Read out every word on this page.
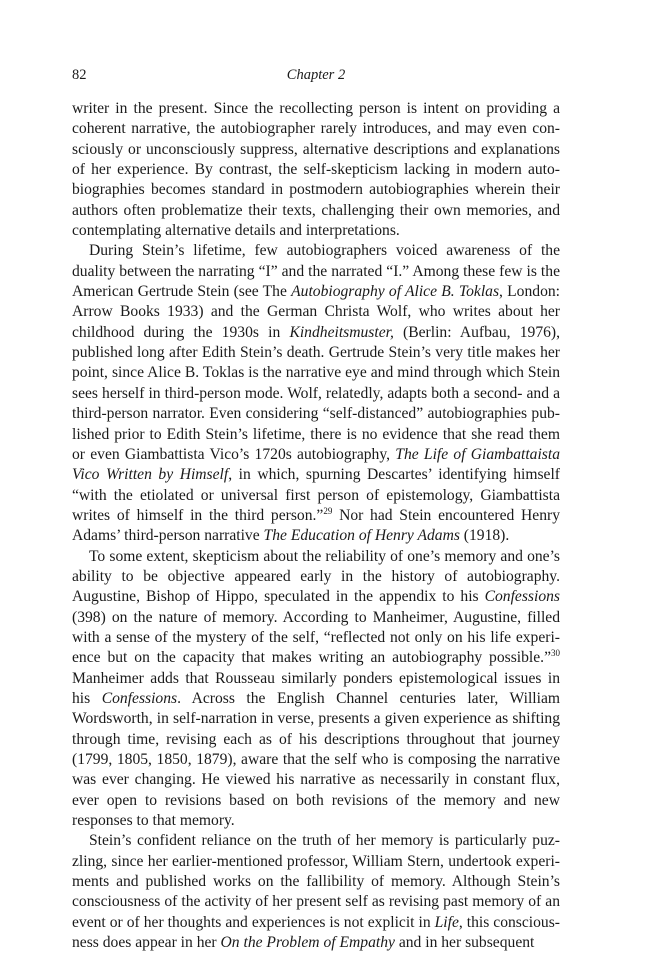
82	Chapter 2

writer in the present. Since the recollecting person is intent on providing a coherent narrative, the autobiographer rarely introduces, and may even consciously or unconsciously suppress, alternative descriptions and explanations of her experience. By contrast, the self-skepticism lacking in modern autobiographies becomes standard in postmodern autobiographies wherein their authors often problematize their texts, challenging their own memories, and contemplating alternative details and interpretations.

During Stein’s lifetime, few autobiographers voiced awareness of the duality between the narrating “I” and the narrated “I.” Among these few is the American Gertrude Stein (see The Autobiography of Alice B. Toklas, London: Arrow Books 1933) and the German Christa Wolf, who writes about her childhood during the 1930s in Kindheitsmuster, (Berlin: Aufbau, 1976), published long after Edith Stein’s death. Gertrude Stein’s very title makes her point, since Alice B. Toklas is the narrative eye and mind through which Stein sees herself in third-person mode. Wolf, relatedly, adapts both a second- and a third-person narrator. Even considering “self-distanced” autobiographies published prior to Edith Stein’s lifetime, there is no evidence that she read them or even Giambattista Vico’s 1720s autobiography, The Life of Giambattaista Vico Written by Himself, in which, spurning Descartes’ identifying himself “with the etiolated or universal first person of epistemology, Giambattista writes of himself in the third person.”$^{29}$ Nor had Stein encountered Henry Adams’ third-person narrative The Education of Henry Adams (1918).

To some extent, skepticism about the reliability of one’s memory and one’s ability to be objective appeared early in the history of autobiography. Augustine, Bishop of Hippo, speculated in the appendix to his Confessions (398) on the nature of memory. According to Manheimer, Augustine, filled with a sense of the mystery of the self, “reflected not only on his life experience but on the capacity that makes writing an autobiography possible.”$^{30}$ Manheimer adds that Rousseau similarly ponders epistemological issues in his Confessions. Across the English Channel centuries later, William Wordsworth, in self-narration in verse, presents a given experience as shifting through time, revising each as of his descriptions throughout that journey (1799, 1805, 1850, 1879), aware that the self who is composing the narrative was ever changing. He viewed his narrative as necessarily in constant flux, ever open to revisions based on both revisions of the memory and new responses to that memory.

Stein’s confident reliance on the truth of her memory is particularly puzzling, since her earlier-mentioned professor, William Stern, undertook experiments and published works on the fallibility of memory. Although Stein’s consciousness of the activity of her present self as revising past memory of an event or of her thoughts and experiences is not explicit in Life, this consciousness does appear in her On the Problem of Empathy and in her subsequent
